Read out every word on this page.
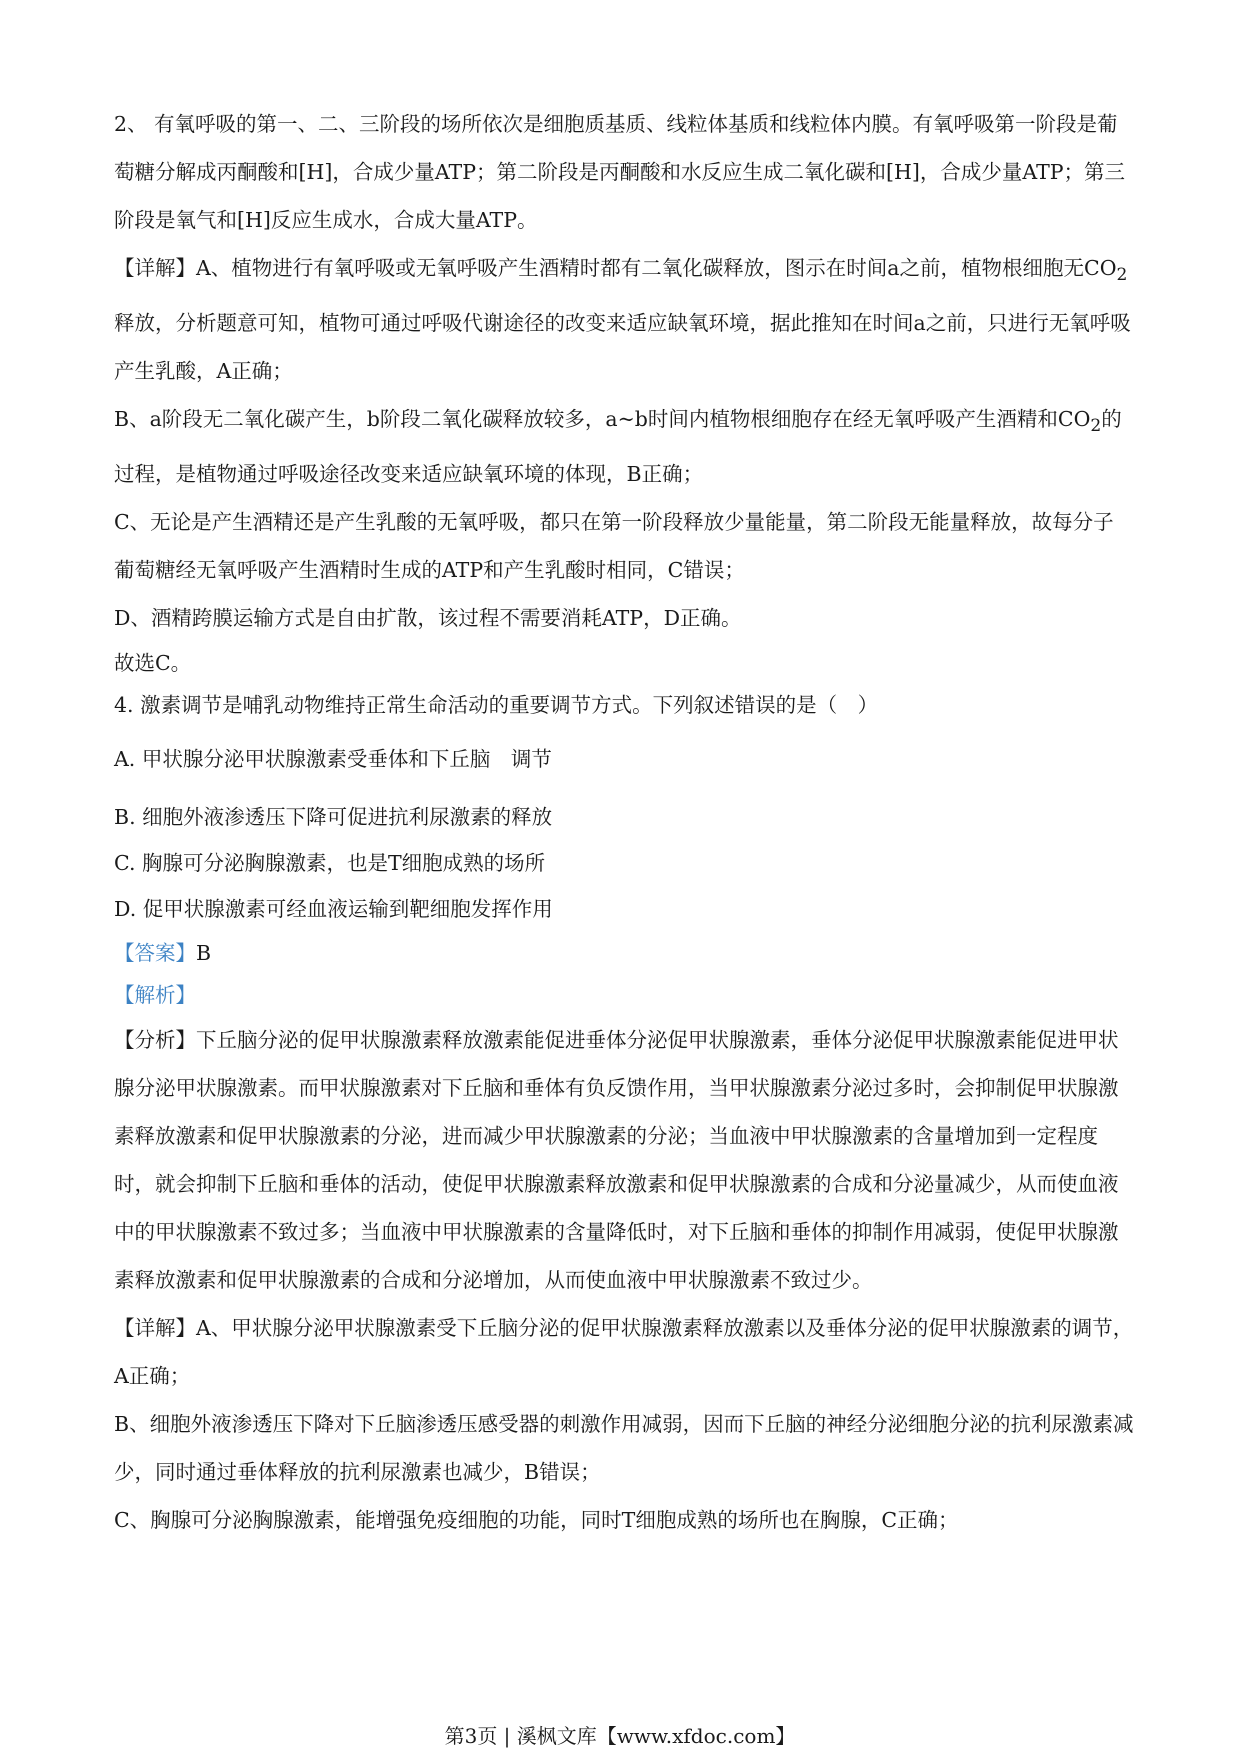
2、 有氧呼吸的第一、二、三阶段的场所依次是细胞质基质、线粒体基质和线粒体内膜。有氧呼吸第一阶段是葡萄糖分解成丙酮酸和[H]，合成少量ATP；第二阶段是丙酮酸和水反应生成二氧化碳和[H]，合成少量ATP；第三阶段是氧气和[H]反应生成水，合成大量ATP。

【详解】A、植物进行有氧呼吸或无氧呼吸产生酒精时都有二氧化碳释放，图示在时间a之前，植物根细胞无$CO_2$释放，分析题意可知，植物可通过呼吸代谢途径的改变来适应缺氧环境，据此推知在时间a之前，只进行无氧呼吸产生乳酸，A正确；

B、a阶段无二氧化碳产生，b阶段二氧化碳释放较多，a~b时间内植物根细胞存在经无氧呼吸产生酒精和$CO_2$的过程，是植物通过呼吸途径改变来适应缺氧环境的体现，B正确；

C、无论是产生酒精还是产生乳酸的无氧呼吸，都只在第一阶段释放少量能量，第二阶段无能量释放，故每分子葡萄糖经无氧呼吸产生酒精时生成的ATP和产生乳酸时相同，C错误；

D、酒精跨膜运输方式是自由扩散，该过程不需要消耗ATP，D正确。

故选C。

4. 激素调节是哺乳动物维持正常生命活动的重要调节方式。下列叙述错误的是（　）

A. 甲状腺分泌甲状腺激素受垂体和下丘脑　调节

B. 细胞外液渗透压下降可促进抗利尿激素的释放

C. 胸腺可分泌胸腺激素，也是T细胞成熟的场所

D. 促甲状腺激素可经血液运输到靶细胞发挥作用

【答案】B

【解析】

【分析】下丘脑分泌的促甲状腺激素释放激素能促进垂体分泌促甲状腺激素，垂体分泌促甲状腺激素能促进甲状腺分泌甲状腺激素。而甲状腺激素对下丘脑和垂体有负反馈作用，当甲状腺激素分泌过多时，会抑制促甲状腺激素释放激素和促甲状腺激素的分泌，进而减少甲状腺激素的分泌；当血液中甲状腺激素的含量增加到一定程度时，就会抑制下丘脑和垂体的活动，使促甲状腺激素释放激素和促甲状腺激素的合成和分泌量减少，从而使血液中的甲状腺激素不致过多；当血液中甲状腺激素的含量降低时，对下丘脑和垂体的抑制作用减弱，使促甲状腺激素释放激素和促甲状腺激素的合成和分泌增加，从而使血液中甲状腺激素不致过少。

【详解】A、甲状腺分泌甲状腺激素受下丘脑分泌的促甲状腺激素释放激素以及垂体分泌的促甲状腺激素的调节，A正确；

B、细胞外液渗透压下降对下丘脑渗透压感受器的刺激作用减弱，因而下丘脑的神经分泌细胞分泌的抗利尿激素减少，同时通过垂体释放的抗利尿激素也减少，B错误；

C、胸腺可分泌胸腺激素，能增强免疫细胞的功能，同时T细胞成熟的场所也在胸腺，C正确；

第3页 | 溪枫文库【www.xfdoc.com】
